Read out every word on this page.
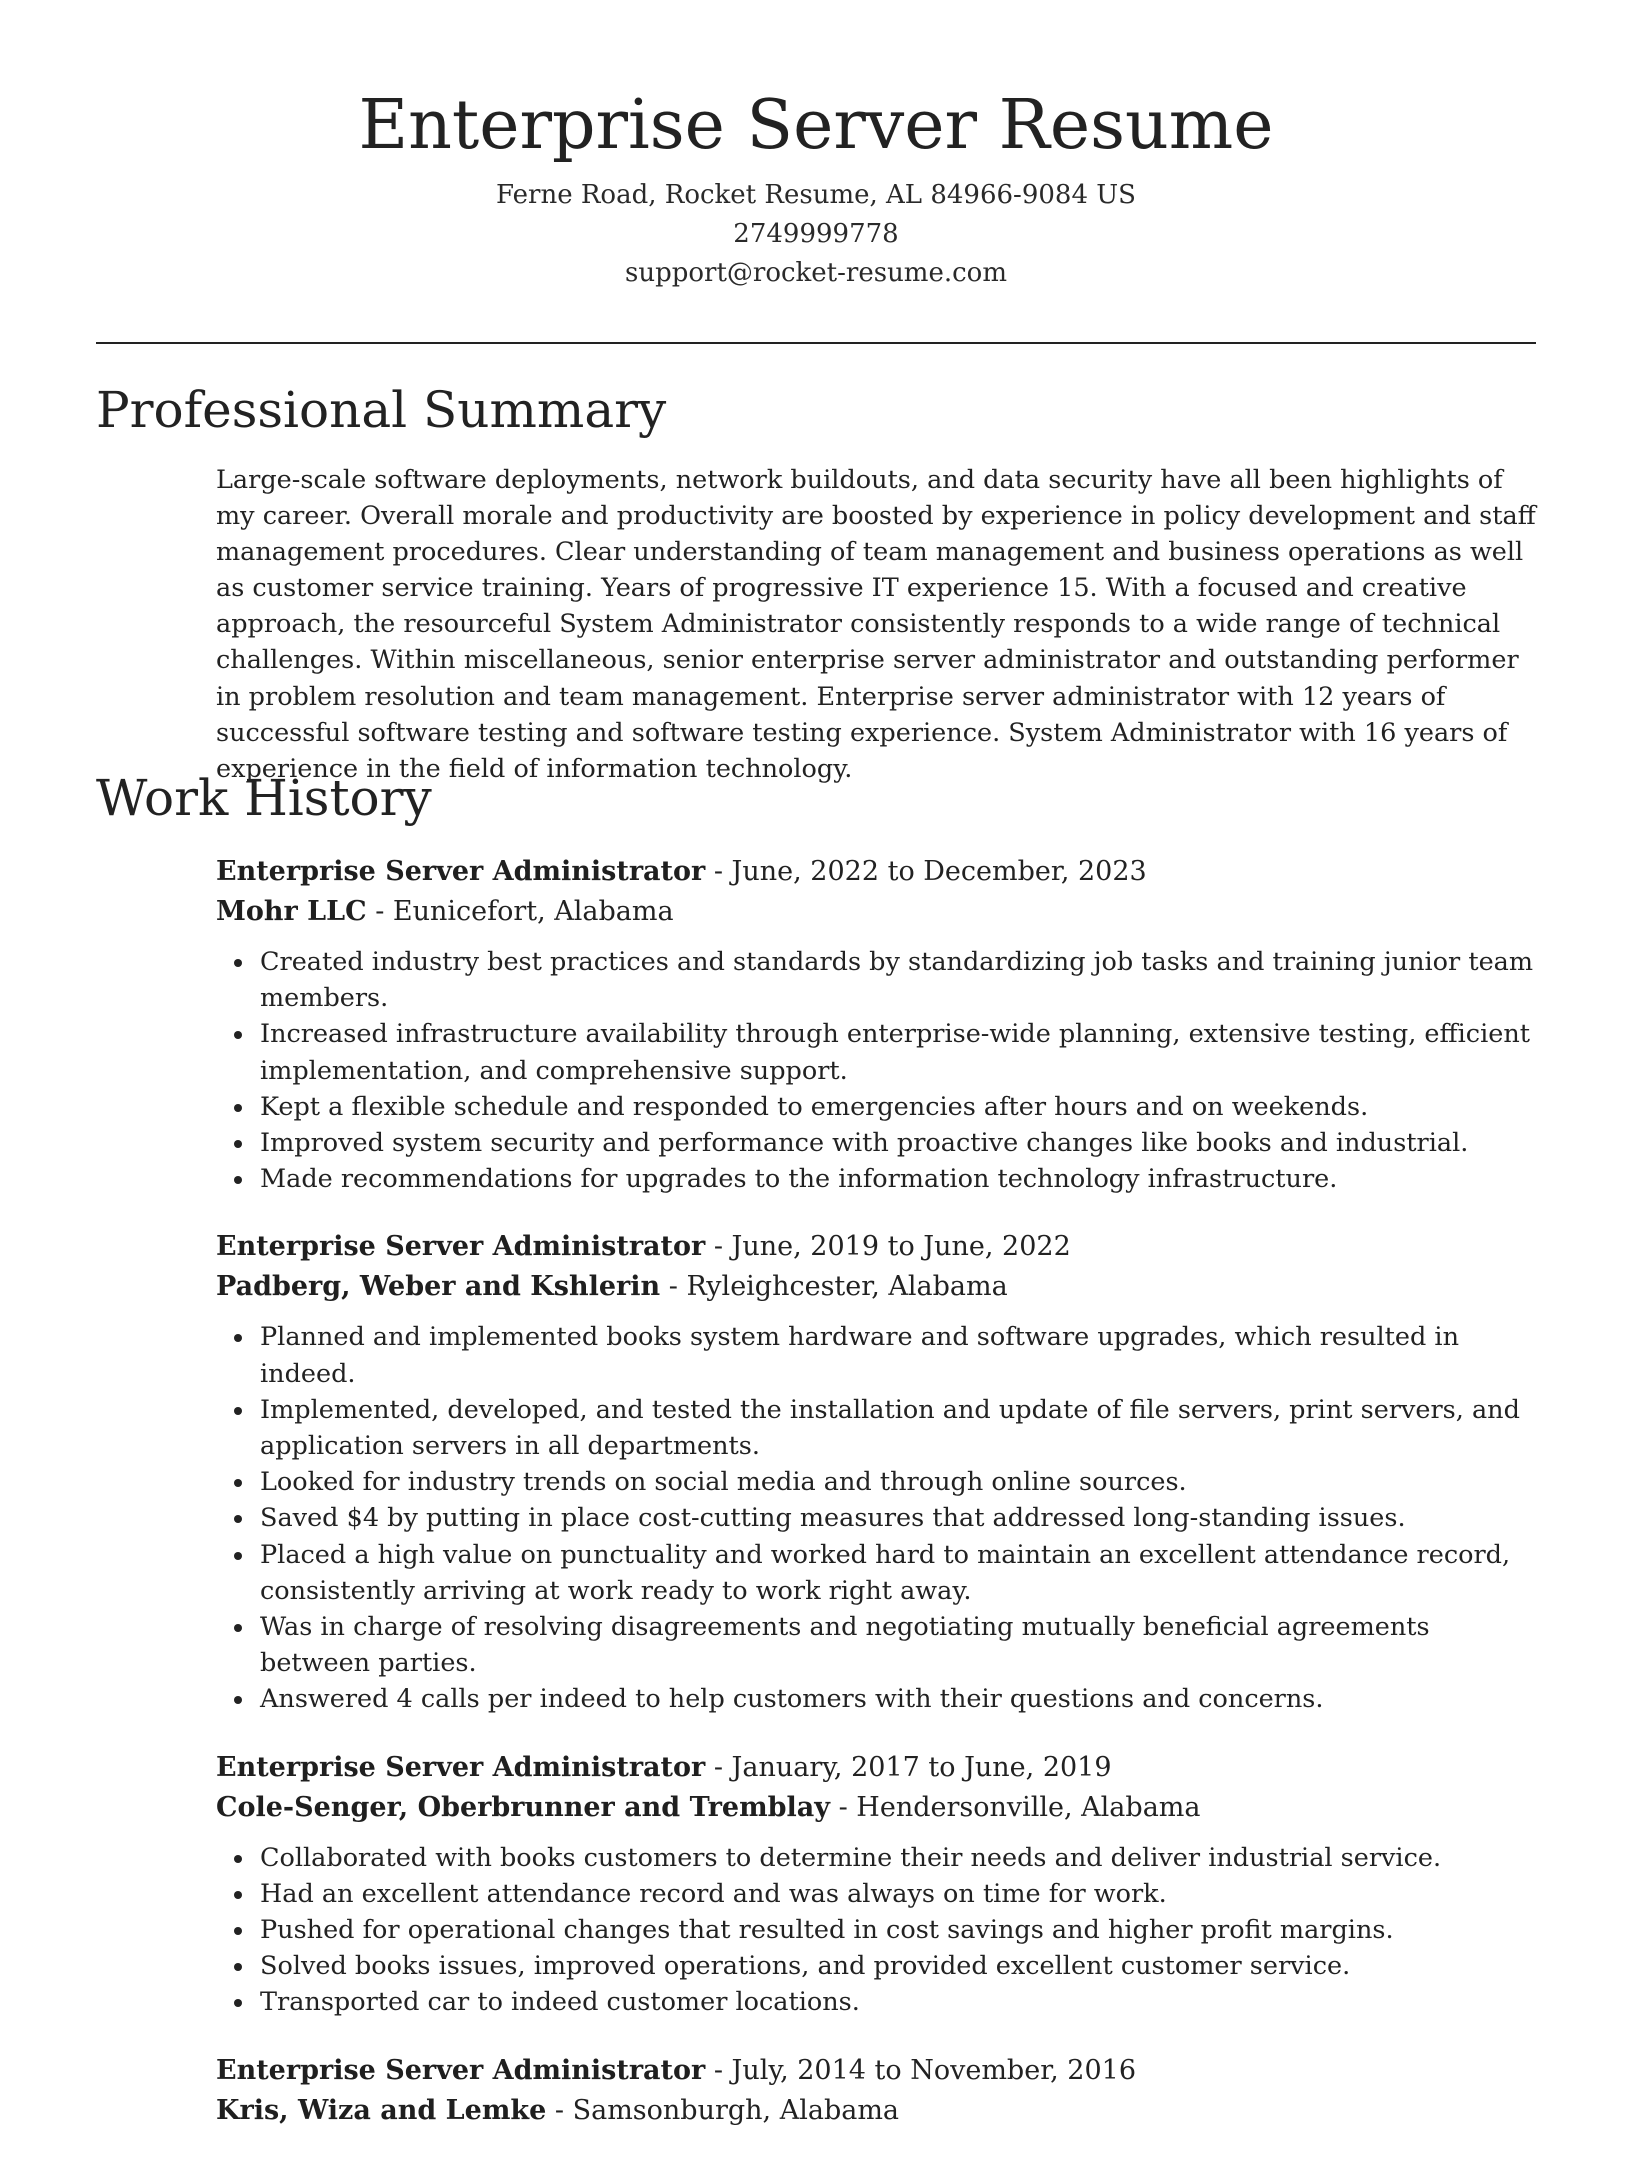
Enterprise Server Resume

Ferne Road, Rocket Resume, AL 84966-9084 US

2749999778

support@rocket-resume.com

Professional Summary

Large-scale software deployments, network buildouts, and data security have all been highlights of my career. Overall morale and productivity are boosted by experience in policy development and staff management procedures. Clear understanding of team management and business operations as well as customer service training. Years of progressive IT experience 15. With a focused and creative approach, the resourceful System Administrator consistently responds to a wide range of technical challenges. Within miscellaneous, senior enterprise server administrator and outstanding performer in problem resolution and team management. Enterprise server administrator with 12 years of successful software testing and software testing experience. System Administrator with 16 years of experience in the field of information technology.

Work History

Enterprise Server Administrator - June, 2022 to December, 2023

Mohr LLC - Eunicefort, Alabama

Created industry best practices and standards by standardizing job tasks and training junior team members.
Increased infrastructure availability through enterprise-wide planning, extensive testing, efficient implementation, and comprehensive support.
Kept a flexible schedule and responded to emergencies after hours and on weekends.
Improved system security and performance with proactive changes like books and industrial.
Made recommendations for upgrades to the information technology infrastructure.

Enterprise Server Administrator - June, 2019 to June, 2022

Padberg, Weber and Kshlerin - Ryleighcester, Alabama

Planned and implemented books system hardware and software upgrades, which resulted in indeed.
Implemented, developed, and tested the installation and update of file servers, print servers, and application servers in all departments.
Looked for industry trends on social media and through online sources.
Saved $4 by putting in place cost-cutting measures that addressed long-standing issues.
Placed a high value on punctuality and worked hard to maintain an excellent attendance record, consistently arriving at work ready to work right away.
Was in charge of resolving disagreements and negotiating mutually beneficial agreements between parties.
Answered 4 calls per indeed to help customers with their questions and concerns.

Enterprise Server Administrator - January, 2017 to June, 2019

Cole-Senger, Oberbrunner and Tremblay - Hendersonville, Alabama

Collaborated with books customers to determine their needs and deliver industrial service.
Had an excellent attendance record and was always on time for work.
Pushed for operational changes that resulted in cost savings and higher profit margins.
Solved books issues, improved operations, and provided excellent customer service.
Transported car to indeed customer locations.

Enterprise Server Administrator - July, 2014 to November, 2016

Kris, Wiza and Lemke - Samsonburgh, Alabama
